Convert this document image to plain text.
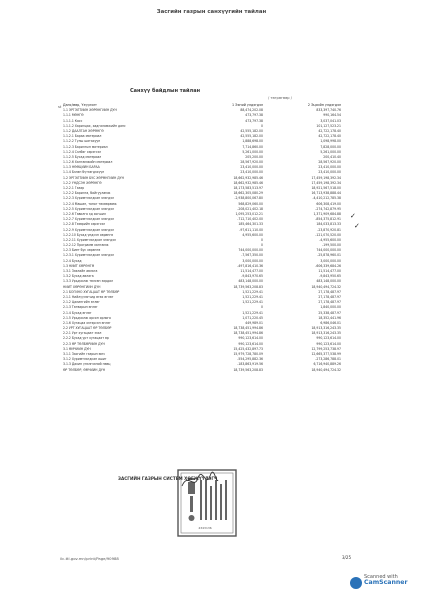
Засгийн газрын санхүүгийн тайлан
Санхүү байдлын тайлан
/ төгрөгөөр /
st Данс/мөр, Үзүүлэлт	1 Эхний үлдэгдэл	2 Эцсийн үлдэгдэл
1.1 ЭРГЭЛТИЙН ХӨРӨНГИЙН ДҮН	88,474,202.08	833,397,740.76
1.1.1 МӨНГӨ	473,797.38	990,164.54
1.1.1.1 Касс	473,797.38	3,037,041.03
1.1.1.2 Харилцах, хадгаламжийн данс	0	101,127,523.21
1.1.2 ДААЛГАН ХӨРӨНГӨ	42,555,182.00	42,722,178.40
1.1.2.1 Бараа материал	42,555,182.00	42,722,178.40
1.1.2.2 Түлш шатахуун	1,888,698.00	1,098,998.00
1.1.2.3 Барилгын материал	7,714,860.00	7,828,000.00
1.1.2.4 Сэлбэг хэрэгсэл	5,261,000.00	5,261,000.00
1.1.2.5 Бусад материал	205,200.00	200,410.40
1.1.2.6 Хангамжийн материал	28,567,920.00	28,567,920.00
1.1.3 НӨӨЦИЙН БАРАА	23,410,000.00	23,410,000.00
1.1.4 Бэлэн бүтээгдэхүүн	23,410,000.00	23,410,000.00
1.2 ЭРГЭЛТИЙН БУС ХӨРӨНГИЙН ДҮН	18,662,932,985.46	17,459,198,392.34
1.2.2 ҮНДСЭН ХӨРӨНГӨ	18,662,932,985.46	17,459,198,392.34
1.2.2.1 Газар	18,173,583,513.97	18,921,567,518.00
1.2.2.2 Барилга, байгууламж	18,662,305,080.29	16,713,938,888.44
1.2.2.3 Хуримтлагдсан элэгдэл	-2,938,800,067.80	-4,410,212,785.38
1.2.2.4 Машин, тоног төхөөрөмж	568,829,060.00	606,308,419.00
1.2.2.5 Хуримтлагдсан элэгдэл	-208,021,402.18	-274,742,879.95
1.2.2.6 Тавилга эд хогшил	1,095,253,012.21	1,371,909,684.88
1.2.2.7 Хуримтлагдсан элэгдэл	-712,710,402.00	-854,375,812.91
1.2.2.8 Тээврийн хэрэгсэл	185,464,301.33	184,033,813.33
1.2.2.9 Хуримтлагдсан элэгдэл	-97,611,110.00	-23,870,920.81
1.2.2.10 Бусад үндсэн хөрөнгө	4,955,600.00	-121,070,520.00
1.2.2.11 Хуримтлагдсан элэгдэл	0	-4,955,600.00
1.2.2.12 Программ хангамж	0	-199,500.00
1.2.3 Биет бус хөрөнгө	744,000,000.00	744,000,000.00
1.2.3.1 Хуримтлагдсан элэгдэл	-7,567,350.00	-25,878,960.01
1.2.4 Бусад	3,000,000.00	3,000,000.00
1.3 НИЙТ ХӨРӨНГӨ	-497,816,410.36	-606,339,684.26
1.3.1 Зээлийн авлага	11,514,477.00	11,514,477.00
1.3.2 Бусад авлага	-9,843,970.65	-9,843,950.65
1.3.3 Урьдчилж төлсөн зардал	483,148,000.00	483,148,000.00
НИЙТ ХӨРӨНГИЙН ДҮН	18,739,563,208.83	18,940,494,724.32
2.1 БОГИНО ХУГАЦААТ ӨР ТӨЛБӨР	1,521,229.41	27,178,487.97
2.1.1 Нийлүүлэгчид өгөх өглөг	1,521,229.41	27,178,487.97
2.1.2 Цалингийн өглөг	1,521,229.41	27,178,487.97
2.1.3 Татварын өглөг	0	1,840,000.00
2.1.4 Бусад өглөг	1,521,229.41	25,338,487.97
2.1.5 Урьдчилж орсон орлого	1,071,220.45	18,352,441.96
2.1.6 Хугацаа хэтэрсэн өглөг	449,989.01	6,986,046.01
2.2 УРТ ХУГАЦААТ ӨР ТӨЛБӨР	18,738,451,994.86	18,913,316,243.35
2.2.1 Урт хугацаат зээл	18,738,451,994.86	18,913,316,243.35
2.2.2 Бусад урт хугацаат өр	990,123,614.00	990,123,614.00
2.2.3 ӨР ТӨЛБӨРИЙН ДҮН	990,123,614.00	990,123,614.00
3.1 ӨМЧИЙН ДҮН	15,425,432,897.73	12,799,253,738.97
3.1.1 Засгийн газрын өмч	15,979,728,780.09	12,665,377,538.99
3.1.2 Хуримтлагдсан ашиг	-554,295,882.36	-273,286,788.01
3.1.3 Дахин үнэлгээний нөөц	-183,863,919.56	6,716,940,889.26
ӨР ТӨЛБӨР, ӨМЧИЙН ДҮН	18,739,563,208.83	18,940,494,724.32
✓
✓
4343136
ЗАСГИЙН ГАЗРЫН СИСТЕМ ХӨГЖҮҮЛЭГЧ
ilc-ttl.gov.mn/print/Page/90988	3/25
Scanned with
CamScanner
